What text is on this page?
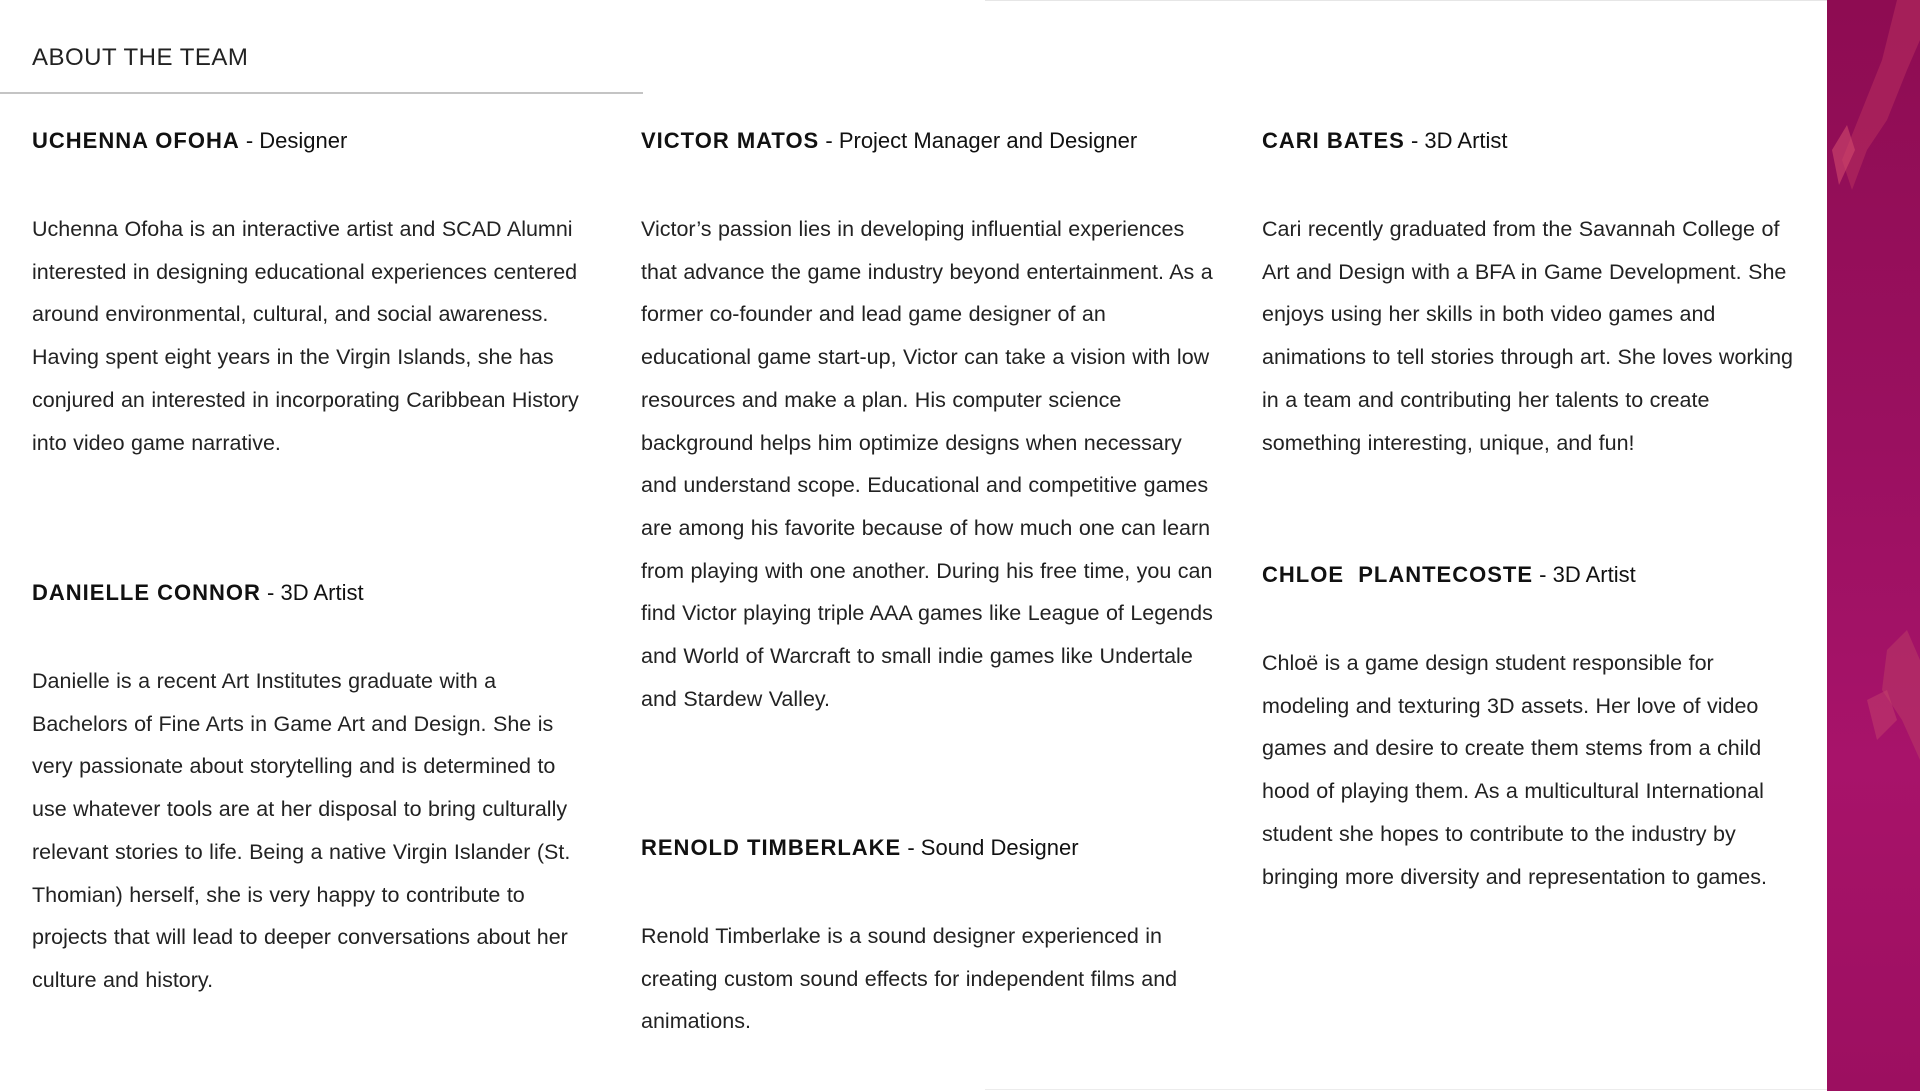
ABOUT THE TEAM

UCHENNA OFOHA - Designer

Uchenna Ofoha is an interactive artist and SCAD Alumni interested in designing educational experiences centered around environmental, cultural, and social awareness. Having spent eight years in the Virgin Islands, she has conjured an interested in incorporating Caribbean History into video game narrative.

DANIELLE CONNOR - 3D Artist

Danielle is a recent Art Institutes graduate with a Bachelors of Fine Arts in Game Art and Design. She is very passionate about storytelling and is determined to use whatever tools are at her disposal to bring culturally relevant stories to life. Being a native Virgin Islander (St. Thomian) herself, she is very happy to contribute to projects that will lead to deeper conversations about her culture and history.

VICTOR MATOS - Project Manager and Designer

Victor’s passion lies in developing influential experiences that advance the game industry beyond entertainment. As a former co-founder and lead game designer of an educational game start-up, Victor can take a vision with low resources and make a plan. His computer science background helps him optimize designs when necessary and understand scope. Educational and competitive games are among his favorite because of how much one can learn from playing with one another. During his free time, you can find Victor playing triple AAA games like League of Legends and World of Warcraft to small indie games like Undertale and Stardew Valley.

RENOLD TIMBERLAKE - Sound Designer

Renold Timberlake is a sound designer experienced in creating custom sound effects for independent films and animations.

CARI BATES - 3D Artist

Cari recently graduated from the Savannah College of Art and Design with a BFA in Game Development. She enjoys using her skills in both video games and animations to tell stories through art. She loves working in a team and contributing her talents to create something interesting, unique, and fun!

CHLOE  PLANTECOSTE - 3D Artist

Chloë is a game design student responsible for modeling and texturing 3D assets. Her love of video games and desire to create them stems from a child hood of playing them. As a multicultural International student she hopes to contribute to the industry by bringing more diversity and representation to games.
